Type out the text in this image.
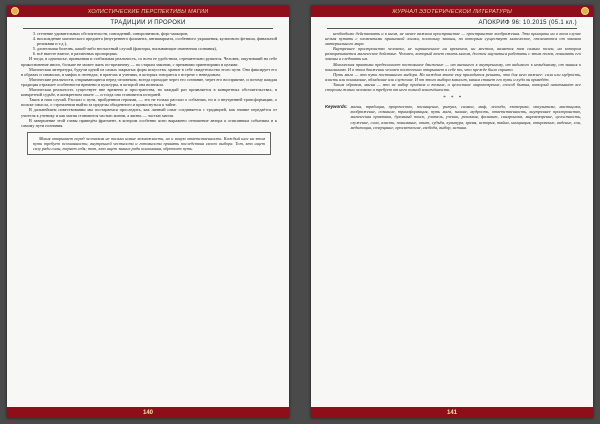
ХОЛИСТИЧЕСКИЕ ПЕРСПЕКТИВЫ МАГИИ
ТРАДИЦИИ И ПРОРОКИ
3. стечение удивительных обстоятельств, совпадений, синхронизмов, форс-мажоров,
4. нисхождение магического предмета (внутреннего фолианта, антиквариата, особенного украшения, культового фетиша, финальной реликвии и т.д.),
5. длительная болезнь, какой-либо несчастный случай (факторы, вызывающие изменения сознания),
6. всё вместе взятое, в различных пропорциях.

И тогда, в одночасье, привычная и стабильная реальность, со всем ее удобством, стремительно рушится. Человек, ощутивший на себе прикосновение иного, больше не может жить по-прежнему — по старым законам, с прежними ориентирами и целями.

Магическая литература, будучи одной из самых закрытых форм искусства, хранит в себе свидетельства этого пути. Она фиксирует его в образах и символах, в мифах и легендах, в притчах и учениях, в которых говорится о встрече с неведомым.

Магические реальности, открывающиеся перед человеком, всегда проходят через его сознание, через его восприятие, и потому каждая традиция отражает особенности времени и культуры, в которой она возникла.

Магическая реальность существует вне времени и пространства, но каждый раз проявляется в конкретных обстоятельствах, в конкретной судьбе, в конкретном опыте — и тогда она становится историей.

Таков и наш случай. Рассказ о пути, пройденном героями, — это не только рассказ о событиях, но и о внутренней трансформации, о поиске смысла, о стремлении выйти за пределы обыденного и прикоснуться к тайне.

В дальнейшем повествовании мы постараемся проследить, как личный опыт соединяется с традицией, как знание передаётся от учителя к ученику и как магия становится частью жизни, а жизнь — частью магии.

В завершение этой главы приведём фрагмент, в котором особенно ясно выражено отношение автора к описанным событиям и к самому пути познания.

Магия открывает перед человеком не только новые возможности, но и новую ответственность. Каждый шаг на этом пути требует осознанности, внутренней честности и готовности принять последствия своего выбора. Тот, кто ищет силу ради силы, теряет себя; тот, кто ищет знание ради понимания, обретает путь.

140
ЖУРНАЛ ЭЗОТЕРИЧЕСКОЙ ЛИТЕРАТУРЫ
АПОКРИФ 96: 10.2015 (05.1 кл.)

необходимо действовать и в ином, не менее важном пространстве — пространстве воображения. Эти принципы ни в коем случае нельзя путать с элементами привычной логики, поскольку законы, по которым существует магическое, отличаются от законов материального мира.

Внутреннее пространство человека, не ограниченное ни временем, ни местом, является тем самым полем, на котором разворачивается магическое действие. Человек, который хочет стать магом, должен научиться работать с этим полем, понимать его законы и следовать им.

Магическая практика предполагает постоянное движение — от внешнего к внутреннему, от видимого к невидимому, от знания к пониманию. И в этом движении человек постепенно открывает в себе то, что прежде было скрыто.

Путь мага — это путь постоянного выбора. На каждом этапе ему приходится решать, что для него важнее: сила или мудрость, власть или понимание, обладание или служение. И от этого выбора зависит, каким станет его путь и куда он приведёт.

Таким образом, магия — это не набор приёмов и техник, а целостное мировоззрение, способ бытия, который охватывает все стороны жизни человека и требует от него полной вовлечённости.

* * *
Keywords: магия, традиция, пророчество, посвящение, ритуал, символ, миф, легенда, эзотерика, оккультизм, мистицизм, воображение, сознание, трансформация, путь мага, знание, мудрость, ответственность, внутреннее пространство, магическая практика, духовный поиск, учитель, ученик, реликвия, фолиант, синхронизм, мировоззрение, целостность, служение, сила, власть, понимание, опыт, судьба, культура, время, история, тайна, инициация, откровение, видение, сон, медитация, созерцание, просветление, свобода, выбор, истина.
141
